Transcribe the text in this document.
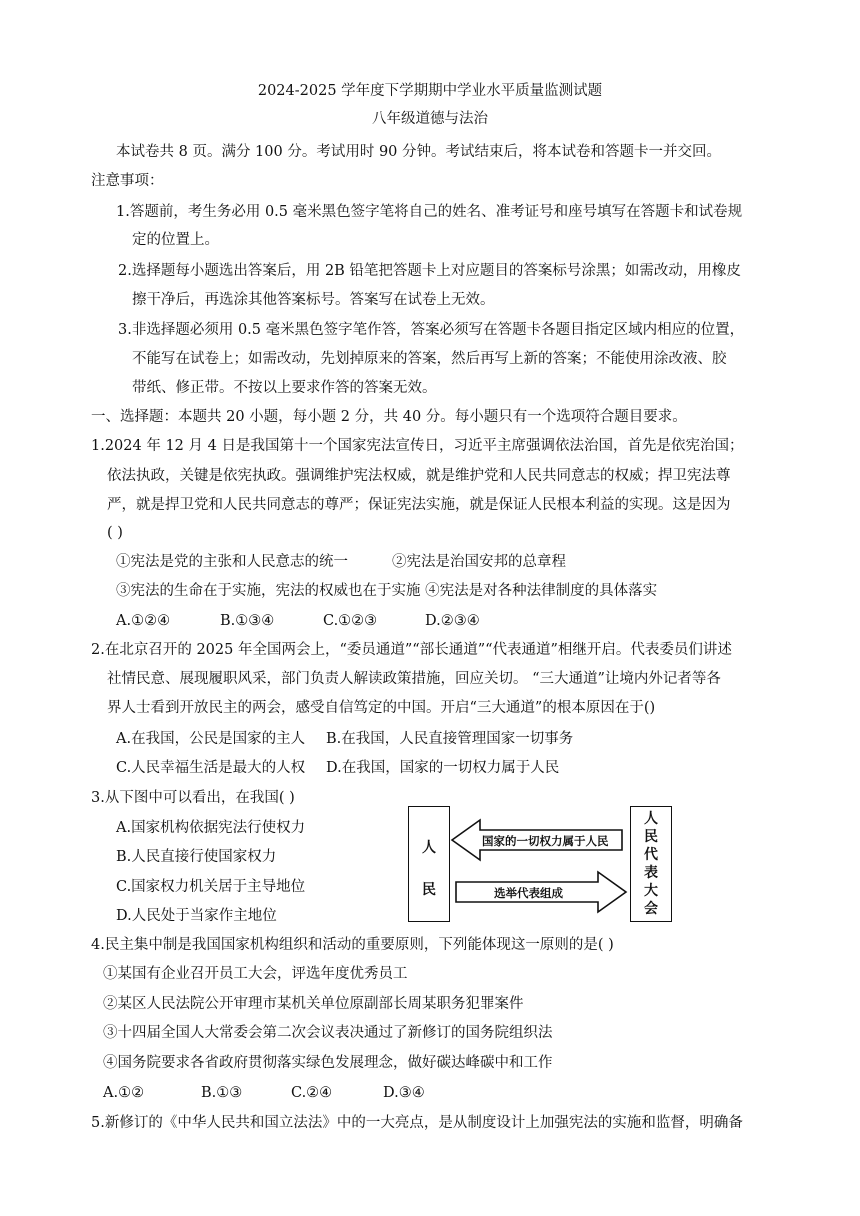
2024-2025 学年度下学期期中学业水平质量监测试题
八年级道德与法治
本试卷共 8 页。满分 100 分。考试用时 90 分钟。考试结束后，将本试卷和答题卡一并交回。
注意事项：
1.答题前，考生务必用 0.5 毫米黑色签字笔将自己的姓名、准考证号和座号填写在答题卡和试卷规
定的位置上。
2.选择题每小题选出答案后，用 2B 铅笔把答题卡上对应题目的答案标号涂黑；如需改动，用橡皮
擦干净后，再选涂其他答案标号。答案写在试卷上无效。
3.非选择题必须用 0.5 毫米黑色签字笔作答，答案必须写在答题卡各题目指定区域内相应的位置，
不能写在试卷上；如需改动，先划掉原来的答案，然后再写上新的答案；不能使用涂改液、胶
带纸、修正带。不按以上要求作答的答案无效。
一、选择题：本题共 20 小题，每小题 2 分，共 40 分。每小题只有一个选项符合题目要求。
1.2024 年 12 月 4 日是我国第十一个国家宪法宣传日，习近平主席强调依法治国，首先是依宪治国；
依法执政，关键是依宪执政。强调维护宪法权威，就是维护党和人民共同意志的权威；捍卫宪法尊
严，就是捍卫党和人民共同意志的尊严；保证宪法实施，就是保证人民根本利益的实现。这是因为
( )
①宪法是党的主张和人民意志的统一	②宪法是治国安邦的总章程
③宪法的生命在于实施，宪法的权威也在于实施 ④宪法是对各种法律制度的具体落实
A.①②④	B.①③④	C.①②③	D.②③④
2.在北京召开的 2025 年全国两会上，“委员通道”“部长通道”“代表通道”相继开启。代表委员们讲述
社情民意、展现履职风采，部门负责人解读政策措施，回应关切。 “三大通道”让境内外记者等各
界人士看到开放民主的两会，感受自信笃定的中国。开启“三大通道”的根本原因在于()
A.在我国，公民是国家的主人 B.在我国，人民直接管理国家一切事务
C.人民幸福生活是最大的人权 D.在我国，国家的一切权力属于人民
3.从下图中可以看出，在我国( )
A.国家机构依据宪法行使权力
B.人民直接行使国家权力
C.国家权力机关居于主导地位
D.人民处于当家作主地位
人
民
人
民
代
表
大
会
国家的一切权力属于人民
选举代表组成
4.民主集中制是我国国家机构组织和活动的重要原则，下列能体现这一原则的是( )
①某国有企业召开员工大会，评选年度优秀员工
②某区人民法院公开审理市某机关单位原副部长周某职务犯罪案件
③十四届全国人大常委会第二次会议表决通过了新修订的国务院组织法
④国务院要求各省政府贯彻落实绿色发展理念，做好碳达峰碳中和工作
A.①②	B.①③	C.②④	D.③④
5.新修订的《中华人民共和国立法法》中的一大亮点，是从制度设计上加强宪法的实施和监督，明确备
